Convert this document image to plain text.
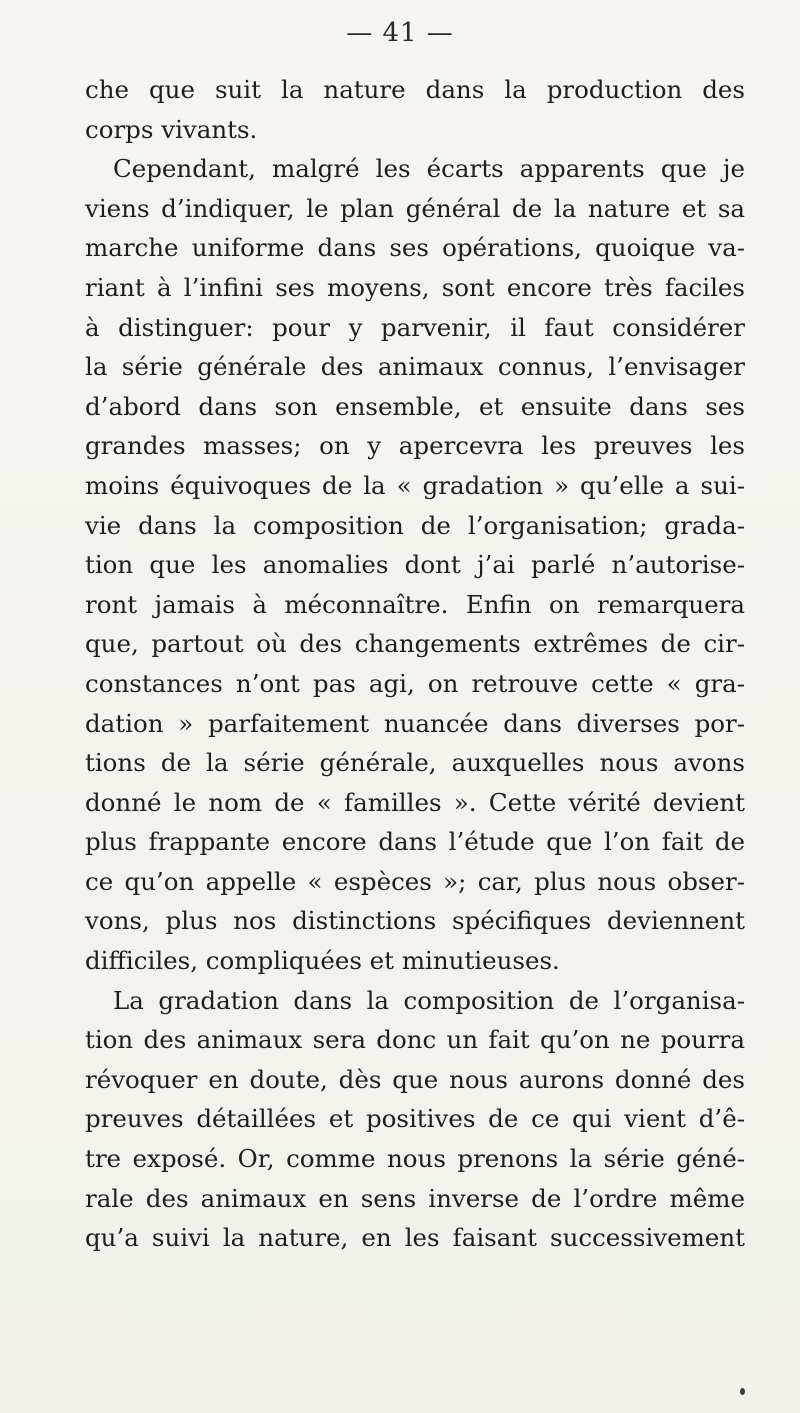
— 41 —
che que suit la nature dans la production des
corps vivants.
Cependant, malgré les écarts apparents que je
viens d’indiquer, le plan général de la nature et sa
marche uniforme dans ses opérations, quoique va-
riant à l’infini ses moyens, sont encore très faciles
à distinguer: pour y parvenir, il faut considérer
la série générale des animaux connus, l’envisager
d’abord dans son ensemble, et ensuite dans ses
grandes masses; on y apercevra les preuves les
moins équivoques de la « gradation » qu’elle a sui-
vie dans la composition de l’organisation; grada-
tion que les anomalies dont j’ai parlé n’autorise-
ront jamais à méconnaître. Enfin on remarquera
que, partout où des changements extrêmes de cir-
constances n’ont pas agi, on retrouve cette « gra-
dation » parfaitement nuancée dans diverses por-
tions de la série générale, auxquelles nous avons
donné le nom de « familles ». Cette vérité devient
plus frappante encore dans l’étude que l’on fait de
ce qu’on appelle « espèces »; car, plus nous obser-
vons, plus nos distinctions spécifiques deviennent
difficiles, compliquées et minutieuses.
La gradation dans la composition de l’organisa-
tion des animaux sera donc un fait qu’on ne pourra
révoquer en doute, dès que nous aurons donné des
preuves détaillées et positives de ce qui vient d’ê-
tre exposé. Or, comme nous prenons la série géné-
rale des animaux en sens inverse de l’ordre même
qu’a suivi la nature, en les faisant successivement
